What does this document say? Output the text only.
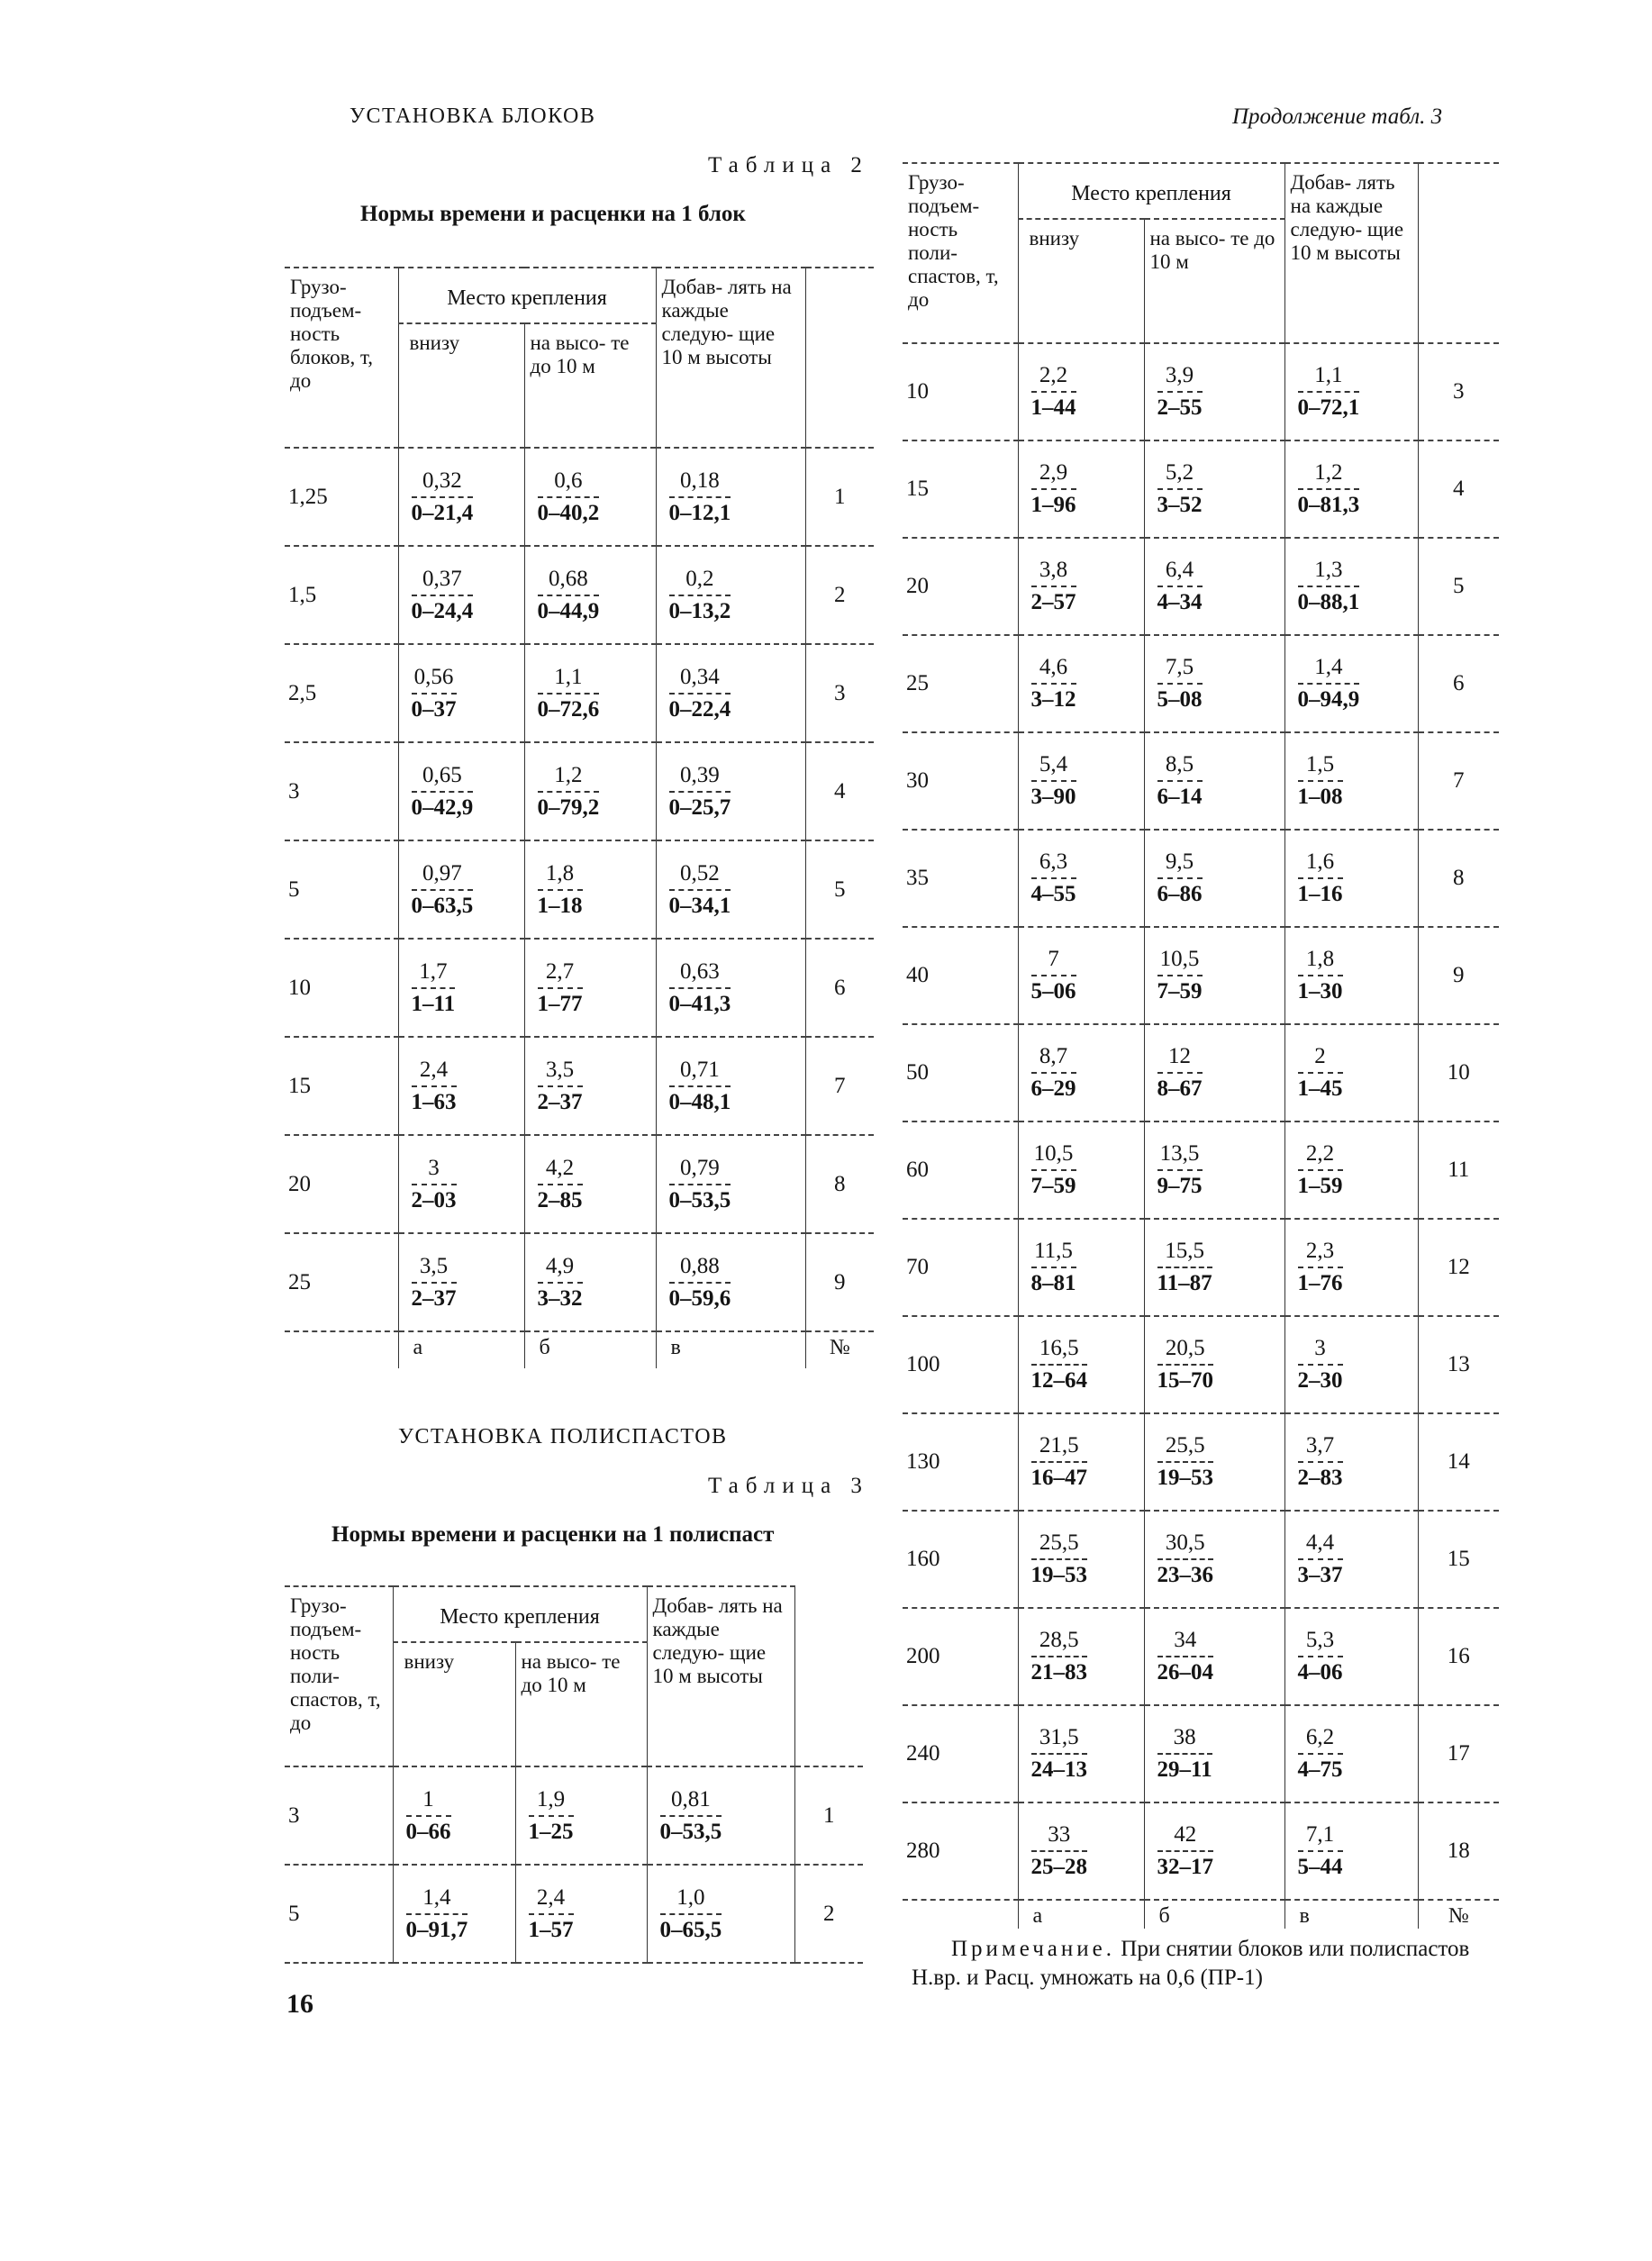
УСТАНОВКА БЛОКОВ
Таблица 2
Нормы времени и расценки на 1 блок
Грузо- подъем- ность блоков, т, до	Место крепления		Добав- лять на каждые следую- щие 10 м высоты	
	внизу	на высо- те до 10 м		
1,25	$\frac{0,32}{0-21,4}$	$\frac{0,6}{0-40,2}$	$\frac{0,18}{0-12,1}$	1
1,5	$\frac{0,37}{0-24,4}$	$\frac{0,68}{0-44,9}$	$\frac{0,2}{0-13,2}$	2
2,5	$\frac{0,56}{0-37}$	$\frac{1,1}{0-72,6}$	$\frac{0,34}{0-22,4}$	3
3	$\frac{0,65}{0-42,9}$	$\frac{1,2}{0-79,2}$	$\frac{0,39}{0-25,7}$	4
5	$\frac{0,97}{0-63,5}$	$\frac{1,8}{1-18}$	$\frac{0,52}{0-34,1}$	5
10	$\frac{1,7}{1-11}$	$\frac{2,7}{1-77}$	$\frac{0,63}{0-41,3}$	6
15	$\frac{2,4}{1-63}$	$\frac{3,5}{2-37}$	$\frac{0,71}{0-48,1}$	7
20	$\frac{3}{2-03}$	$\frac{4,2}{2-85}$	$\frac{0,79}{0-53,5}$	8
25	$\frac{3,5}{2-37}$	$\frac{4,9}{3-32}$	$\frac{0,88}{0-59,6}$	9
	а	б	в	№
УСТАНОВКА ПОЛИСПАСТОВ
Таблица 3
Нормы времени и расценки на 1 полиспаст
Грузо- подъем- ность поли- спастов, т, до	Место крепления		Добав- лять на каждые следую- щие 10 м высоты	
	внизу	на высо- те до 10 м		
3	$\frac{1}{0-66}$	$\frac{1,9}{1-25}$	$\frac{0,81}{0-53,5}$	1
5	$\frac{1,4}{0-91,7}$	$\frac{2,4}{1-57}$	$\frac{1,0}{0-65,5}$	2
16
Продолжение табл. 3
Грузо- подъем- ность поли- спастов, т, до	Место крепления		Добав- лять на каждые следую- щие 10 м высоты	
	внизу	на высо- те до 10 м		
10	$\frac{2,2}{1-44}$	$\frac{3,9}{2-55}$	$\frac{1,1}{0-72,1}$	3
15	$\frac{2,9}{1-96}$	$\frac{5,2}{3-52}$	$\frac{1,2}{0-81,3}$	4
20	$\frac{3,8}{2-57}$	$\frac{6,4}{4-34}$	$\frac{1,3}{0-88,1}$	5
25	$\frac{4,6}{3-12}$	$\frac{7,5}{5-08}$	$\frac{1,4}{0-94,9}$	6
30	$\frac{5,4}{3-90}$	$\frac{8,5}{6-14}$	$\frac{1,5}{1-08}$	7
35	$\frac{6,3}{4-55}$	$\frac{9,5}{6-86}$	$\frac{1,6}{1-16}$	8
40	$\frac{7}{5-06}$	$\frac{10,5}{7-59}$	$\frac{1,8}{1-30}$	9
50	$\frac{8,7}{6-29}$	$\frac{12}{8-67}$	$\frac{2}{1-45}$	10
60	$\frac{10,5}{7-59}$	$\frac{13,5}{9-75}$	$\frac{2,2}{1-59}$	11
70	$\frac{11,5}{8-81}$	$\frac{15,5}{11-87}$	$\frac{2,3}{1-76}$	12
100	$\frac{16,5}{12-64}$	$\frac{20,5}{15-70}$	$\frac{3}{2-30}$	13
130	$\frac{21,5}{16-47}$	$\frac{25,5}{19-53}$	$\frac{3,7}{2-83}$	14
160	$\frac{25,5}{19-53}$	$\frac{30,5}{23-36}$	$\frac{4,4}{3-37}$	15
200	$\frac{28,5}{21-83}$	$\frac{34}{26-04}$	$\frac{5,3}{4-06}$	16
240	$\frac{31,5}{24-13}$	$\frac{38}{29-11}$	$\frac{6,2}{4-75}$	17
280	$\frac{33}{25-28}$	$\frac{42}{32-17}$	$\frac{7,1}{5-44}$	18
	а	б	в	№
Примечание. При снятии блоков или полиспастов Н.вр. и Расц. умножать на 0,6 (ПР-1)
